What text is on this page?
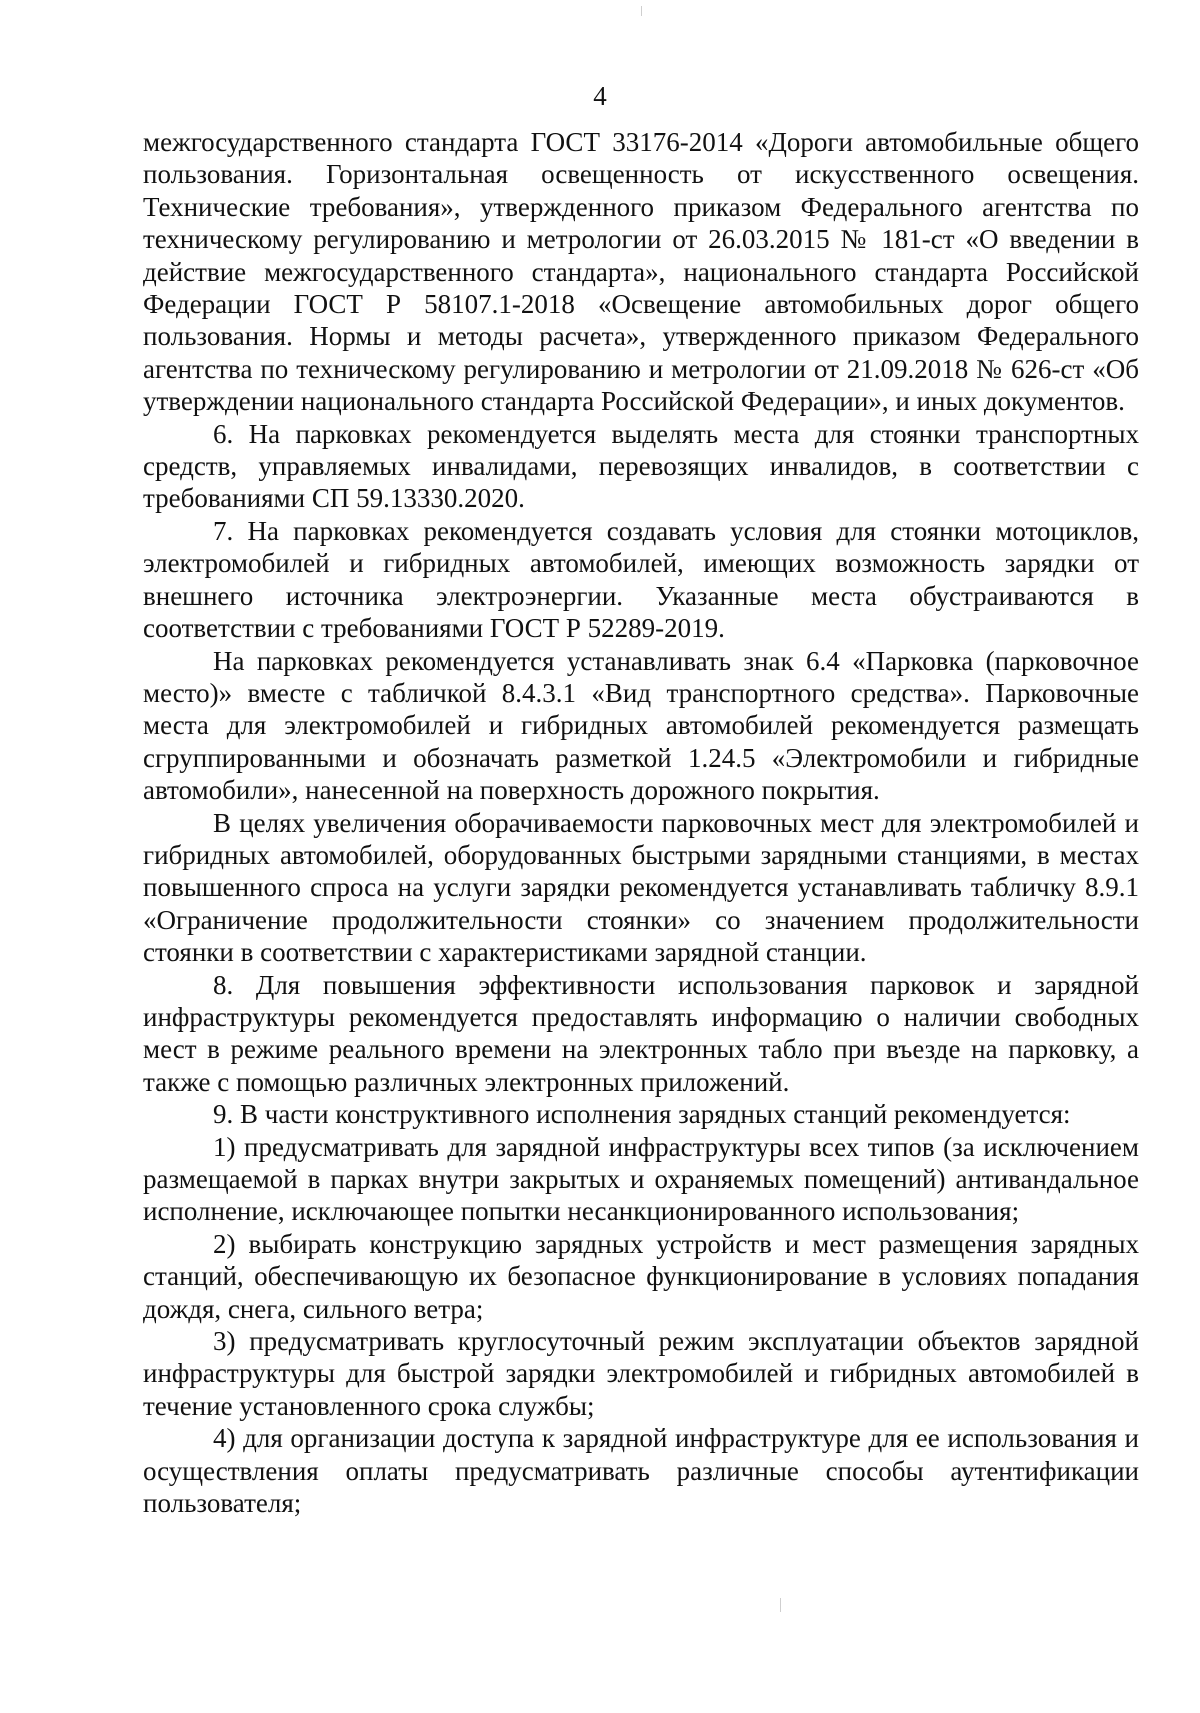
4

межгосударственного стандарта ГОСТ 33176-2014 «Дороги автомобильные общего пользования. Горизонтальная освещенность от искусственного освещения. Технические требования», утвержденного приказом Федерального агентства по техническому регулированию и метрологии от 26.03.2015 № 181-ст «О введении в действие межгосударственного стандарта», национального стандарта Российской Федерации ГОСТ Р 58107.1-2018 «Освещение автомобильных дорог общего пользования. Нормы и методы расчета», утвержденного приказом Федерального агентства по техническому регулированию и метрологии от 21.09.2018 № 626-ст «Об утверждении национального стандарта Российской Федерации», и иных документов.

6. На парковках рекомендуется выделять места для стоянки транспортных средств, управляемых инвалидами, перевозящих инвалидов, в соответствии с требованиями СП 59.13330.2020.

7. На парковках рекомендуется создавать условия для стоянки мотоциклов, электромобилей и гибридных автомобилей, имеющих возможность зарядки от внешнего источника электроэнергии. Указанные места обустраиваются в соответствии с требованиями ГОСТ Р 52289-2019.

На парковках рекомендуется устанавливать знак 6.4 «Парковка (парковочное место)» вместе с табличкой 8.4.3.1 «Вид транспортного средства». Парковочные места для электромобилей и гибридных автомобилей рекомендуется размещать сгруппированными и обозначать разметкой 1.24.5 «Электромобили и гибридные автомобили», нанесенной на поверхность дорожного покрытия.

В целях увеличения оборачиваемости парковочных мест для электромобилей и гибридных автомобилей, оборудованных быстрыми зарядными станциями, в местах повышенного спроса на услуги зарядки рекомендуется устанавливать табличку 8.9.1 «Ограничение продолжительности стоянки» со значением продолжительности стоянки в соответствии с характеристиками зарядной станции.

8. Для повышения эффективности использования парковок и зарядной инфраструктуры рекомендуется предоставлять информацию о наличии свободных мест в режиме реального времени на электронных табло при въезде на парковку, а также с помощью различных электронных приложений.

9. В части конструктивного исполнения зарядных станций рекомендуется:

1) предусматривать для зарядной инфраструктуры всех типов (за исключением размещаемой в парках внутри закрытых и охраняемых помещений) антивандальное исполнение, исключающее попытки несанкционированного использования;

2) выбирать конструкцию зарядных устройств и мест размещения зарядных станций, обеспечивающую их безопасное функционирование в условиях попадания дождя, снега, сильного ветра;

3) предусматривать круглосуточный режим эксплуатации объектов зарядной инфраструктуры для быстрой зарядки электромобилей и гибридных автомобилей в течение установленного срока службы;

4) для организации доступа к зарядной инфраструктуре для ее использования и осуществления оплаты предусматривать различные способы аутентификации пользователя;
